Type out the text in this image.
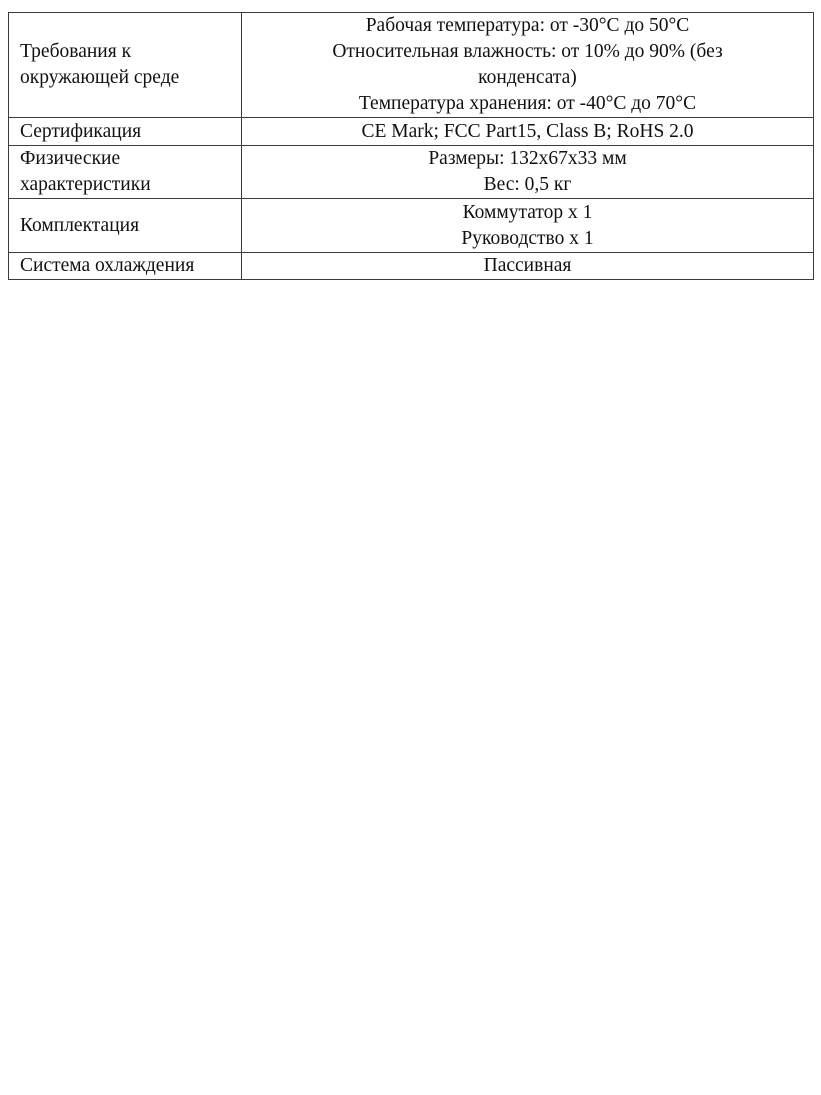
Требования к
окружающей среде	Рабочая температура: от -30°C до 50°C
Относительная влажность: от 10% до 90% (без
конденсата)
Температура хранения: от -40°C до 70°C

Сертификация	CE Mark; FCC Part15, Class B; RoHS 2.0

Физические
характеристики	Размеры: 132х67х33 мм
Вес: 0,5 кг

Комплектация	Коммутатор х 1
Руководство х 1

Система охлаждения	Пассивная
